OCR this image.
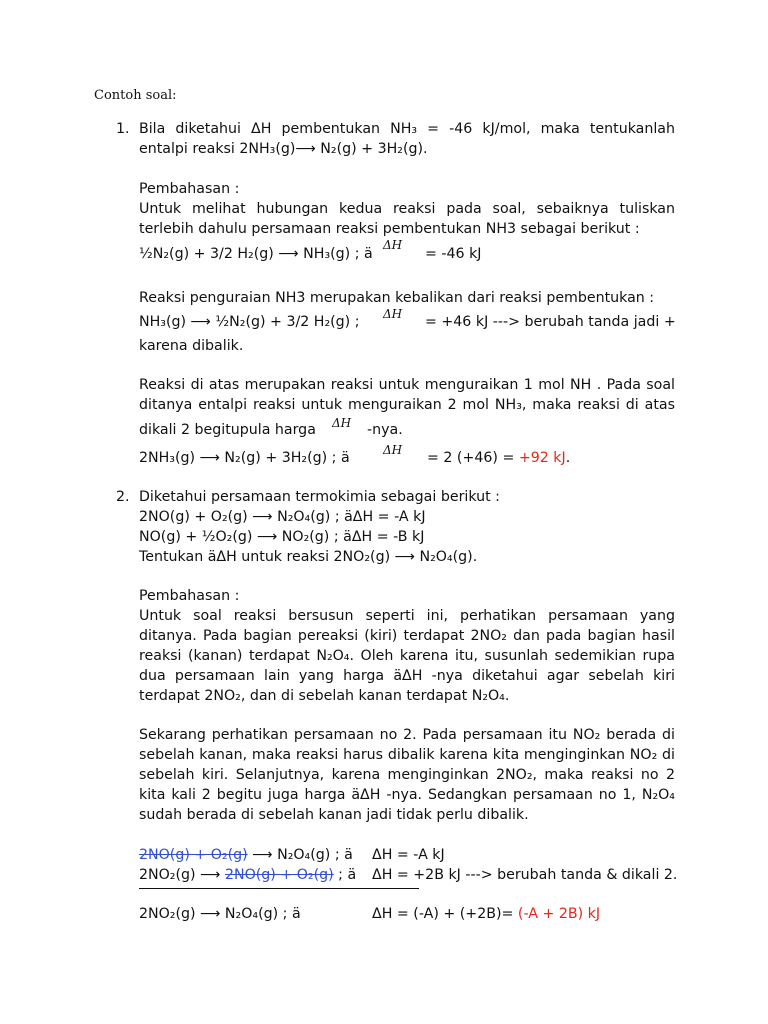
Contoh soal:
1. Bila diketahui ΔH pembentukan NH₃ = -46 kJ/mol, maka tentukanlah
entalpi reaksi 2NH₃(g)⟶ N₂(g) + 3H₂(g).
Pembahasan :
Untuk melihat hubungan kedua reaksi pada soal, sebaiknya tuliskan
terlebih dahulu persamaan reaksi pembentukan NH3 sebagai berikut :
½N₂(g) + 3/2 H₂(g) ⟶ NH₃(g) ; ä
ΔH
= -46 kJ
Reaksi penguraian NH3 merupakan kebalikan dari reaksi pembentukan :
NH₃(g) ⟶ ½N₂(g) + 3/2 H₂(g) ; ΔH = +46 kJ ---> berubah tanda jadi +
karena dibalik.
Reaksi di atas merupakan reaksi untuk menguraikan 1 mol NH . Pada soal
ditanya entalpi reaksi untuk menguraikan 2 mol NH₃, maka reaksi di atas
dikali 2 begitupula harga ΔH -nya.
2NH₃(g) ⟶ N₂(g) + 3H₂(g) ; ä	ΔH = 2 (+46) = +92 kJ.
2. Diketahui persamaan termokimia sebagai berikut :
2NO(g) + O₂(g) ⟶ N₂O₄(g) ; äΔH = -A kJ
NO(g) + ½O₂(g) ⟶ NO₂(g) ; äΔH = -B kJ
Tentukan äΔH untuk reaksi 2NO₂(g) ⟶ N₂O₄(g).
Pembahasan :
Untuk soal reaksi bersusun seperti ini, perhatikan persamaan yang
ditanya. Pada bagian pereaksi (kiri) terdapat 2NO₂ dan pada bagian hasil
reaksi (kanan) terdapat N₂O₄. Oleh karena itu, susunlah sedemikian rupa
dua persamaan lain yang harga äΔH -nya diketahui agar sebelah kiri
terdapat 2NO₂, dan di sebelah kanan terdapat N₂O₄.
Sekarang perhatikan persamaan no 2. Pada persamaan itu NO₂ berada di
sebelah kanan, maka reaksi harus dibalik karena kita menginginkan NO₂ di
sebelah kiri. Selanjutnya, karena menginginkan 2NO₂, maka reaksi no 2
kita kali 2 begitu juga harga äΔH -nya. Sedangkan persamaan no 1, N₂O₄
sudah berada di sebelah kanan jadi tidak perlu dibalik.
2NO(g) + O₂(g) ⟶ N₂O₄(g) ; ä ΔH = -A kJ
2NO₂(g) ⟶ 2NO(g) + O₂(g) ; ä ΔH = +2B kJ ---> berubah tanda & dikali 2.
2NO₂(g) ⟶ N₂O₄(g) ; ä	ΔH = (-A) + (+2B)= (-A + 2B) kJ
